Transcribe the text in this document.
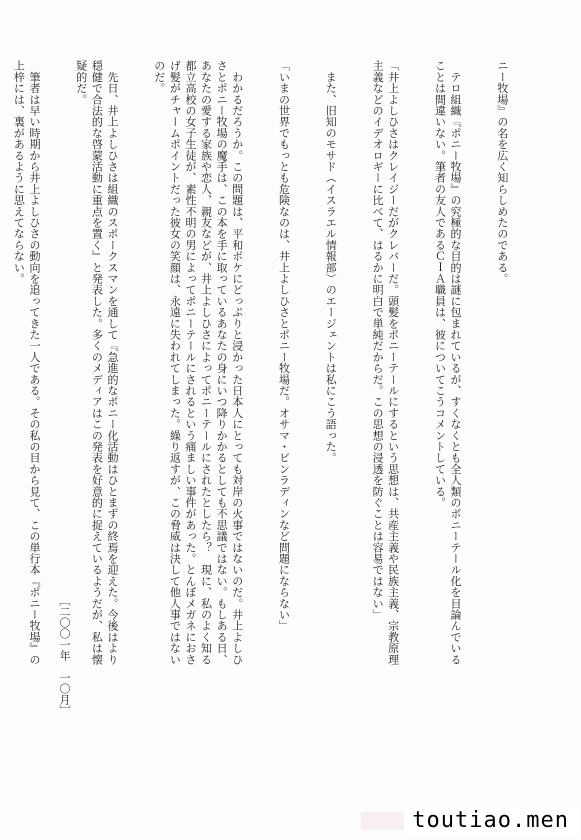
ニー牧場』の名を広く知らしめたのである。

　テロ組織『ポニー牧場』の究極的な目的は謎に包まれているが、すくなくとも全人類のポニーテール化を目論んでいる
ことは間違いない。筆者の友人であるＣＩＡ職員は、彼についてこうコメントしている。

「井上よしひさはクレイジーだがクレバーだ。頭髪をポニーテールにするという思想は、共産主義や民族主義、宗教原理
主義などのイデオロギーに比べて、はるかに明白で単純だからだ。この思想の浸透を防ぐことは容易ではない」

　また、旧知のモサド（イスラエル情報部）のエージェントは私にこう語った。

「いまの世界でもっとも危険なのは、井上よしひさとポニー牧場だ。オサマ・ビンラディンなど問題にならない」

　わかるだろうか。この問題は、平和ボケにどっぷりと浸かった日本人にとっても対岸の火事ではないのだ。井上よしひ
さとポニー牧場の魔手は、この本を手に取っているあなたの身にいつ降りかかるとしても不思議ではない。もしある日、
あなたの愛する家族や恋人、親友などが、井上よしひさによってポニーテールにされたとしたら？　現に、私のよく知る
都立高校の女子生徒が、素性不明の男によってポニーテールにされるという痛ましい事件があった。とんぼメガネにおさ
げ髪がチャームポイントだった彼女の笑顔は、永遠に失われてしまった。繰り返すが、この脅威は決して他人事ではない
のだ。

　先日、井上よしひさは組織のスポークスマンを通して『急進的なポニー化活動はひとまずの終焉を迎えた。今後はより
穏健で合法的な啓蒙活動に重点を置く』と発表した。多くのメディアはこの発表を好意的に捉えているようだが、私は懐
疑的だ。

　筆者は早い時期から井上よしひさの動向を追ってきた一人である。その私の目から見て、この単行本『ポニー牧場』の
上梓には、裏があるように思えてならない。

［二〇〇一年　一〇月］
toutiao.men
